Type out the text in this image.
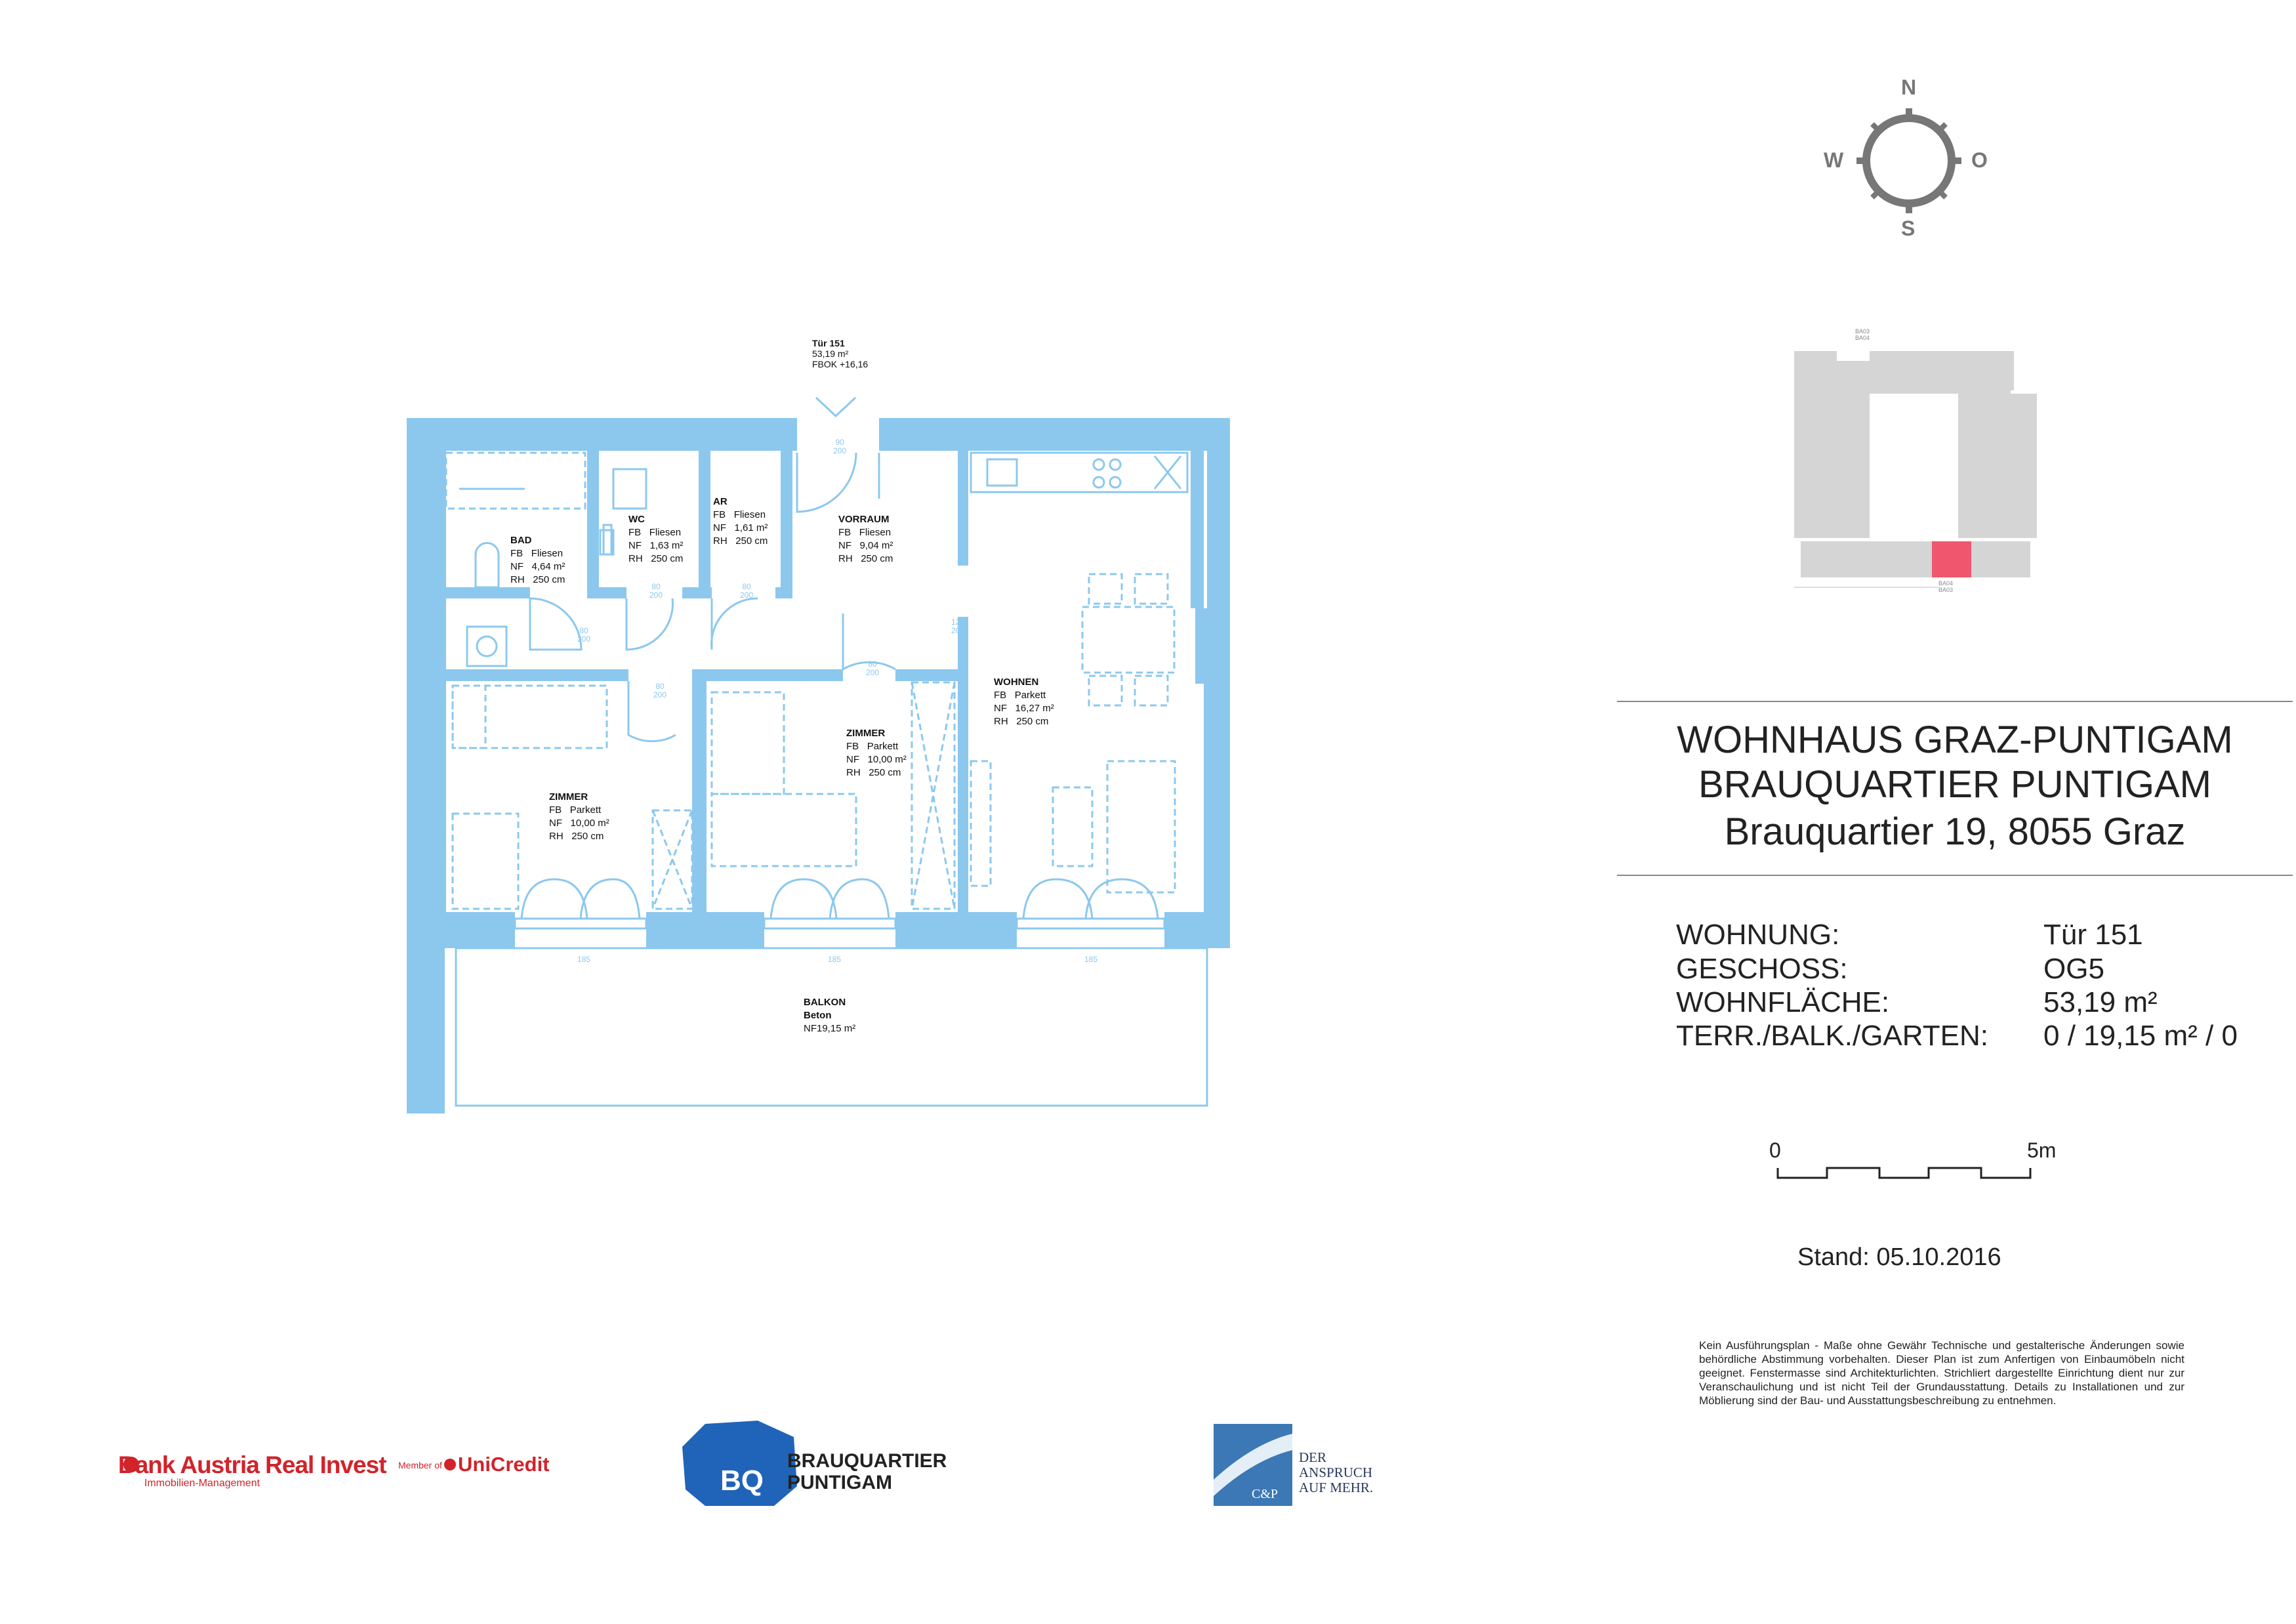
Tür 151
53,19 m²
FBOK +16,16
BAD
FB Fliesen
NF 4,64 m²
RH 250 cm
WC
FB Fliesen
NF 1,63 m²
RH 250 cm
AR
FB Fliesen
NF 1,61 m²
RH 250 cm
VORRAUM
FB Fliesen
NF 9,04 m²
RH 250 cm
WOHNEN
FB Parkett
NF 16,27 m²
RH 250 cm
ZIMMER
FB Parkett
NF 10,00 m²
RH 250 cm
ZIMMER
FB Parkett
NF 10,00 m²
RH 250 cm
BALKON
Beton
NF19,15 m²
90
200
80
200
80
200
80
200
80
200
80
200
120
203
185	185	185
N
S
W	O
BA03
BA04
BA04
BA03
WOHNHAUS GRAZ-PUNTIGAM
BRAUQUARTIER PUNTIGAM
Brauquartier 19, 8055 Graz
WOHNUNG:	Tür 151
GESCHOSS:	OG5
WOHNFLÄCHE:	53,19 m²
TERR./BALK./GARTEN: 0 / 19,15 m² / 0
0	5m
Stand: 05.10.2016
Kein Ausführungsplan - Maße ohne Gewähr Technische und gestalterische Änderungen sowie behördliche Abstimmung vorbehalten. Dieser Plan ist zum Anfertigen von Einbaumöbeln nicht geeignet. Fenstermasse sind Architekturlichten. Strichliert dargestellte Einrichtung dient nur zur Veranschaulichung und ist nicht Teil der Grundausstattung. Details zu Installationen und zur Möblierung sind der Bau- und Ausstattungsbeschreibung zu entnehmen.
Bank Austria Real Invest
Immobilien-Management
Member of UniCredit
BQ
BRAUQUARTIER
PUNTIGAM
C&P
DER
ANSPRUCH
AUF MEHR.
